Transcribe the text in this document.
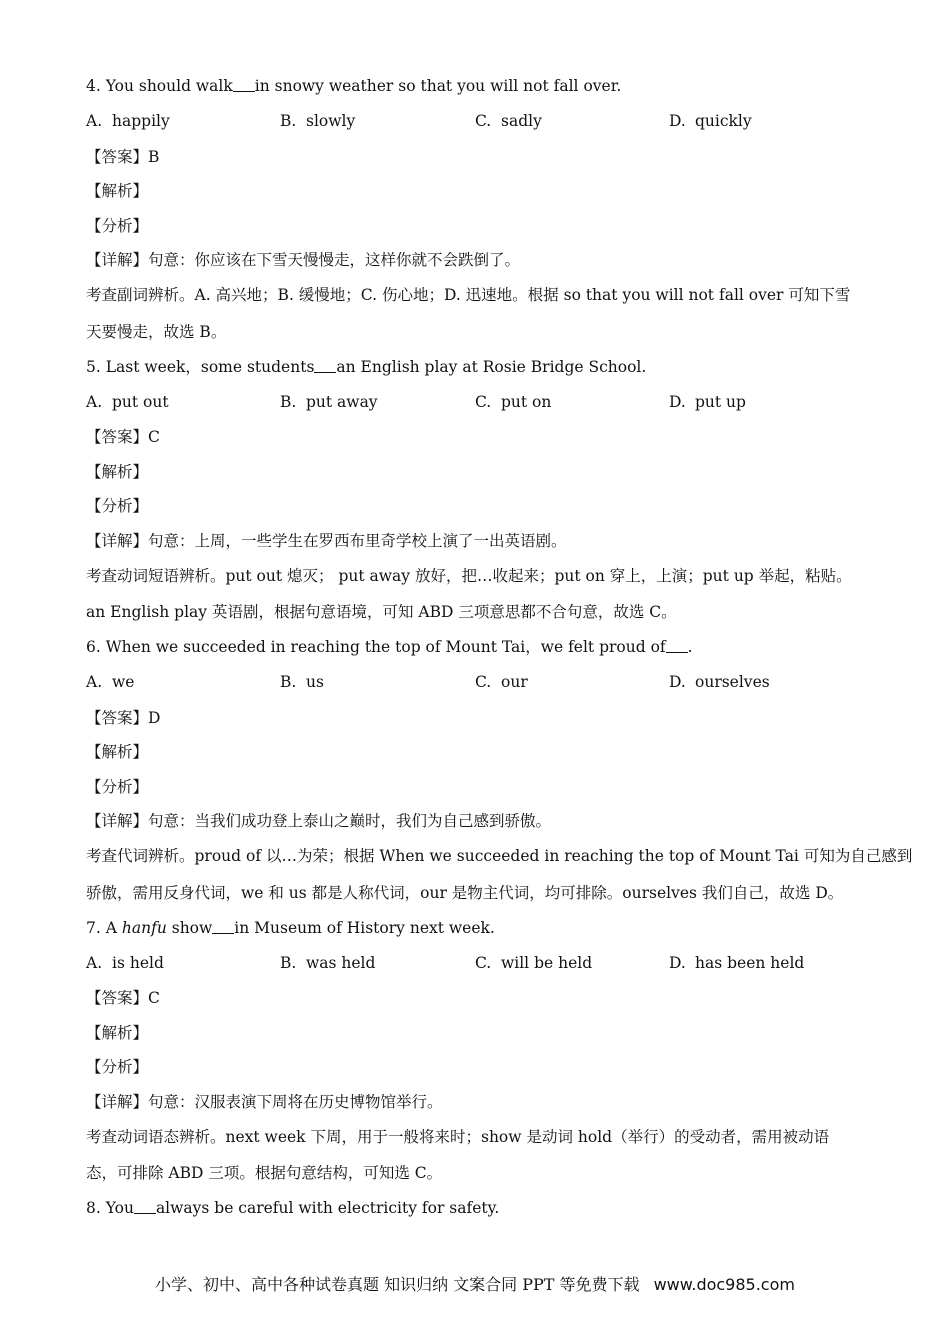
4. You should walk in snowy weather so that you will not fall over.
A. happily	B. slowly	C. sadly	D. quickly
【答案】B
【解析】
【分析】
【详解】句意：你应该在下雪天慢慢走，这样你就不会跌倒了。
考查副词辨析。A. 高兴地；B. 缓慢地；C. 伤心地；D. 迅速地。根据 so that you will not fall over 可知下雪
天要慢走，故选 B。
5. Last week，some students an English play at Rosie Bridge School.
A. put out	B. put away	C. put on	D. put up
【答案】C
【解析】
【分析】
【详解】句意：上周，一些学生在罗西布里奇学校上演了一出英语剧。
考查动词短语辨析。put out 熄灭； put away 放好，把…收起来；put on 穿上，上演；put up 举起，粘贴。
an English play 英语剧，根据句意语境，可知 ABD 三项意思都不合句意，故选 C。
6. When we succeeded in reaching the top of Mount Tai，we felt proud of .
A. we	B. us	C. our	D. ourselves
【答案】D
【解析】
【分析】
【详解】句意：当我们成功登上泰山之巅时，我们为自己感到骄傲。
考查代词辨析。proud of 以…为荣；根据 When we succeeded in reaching the top of Mount Tai 可知为自己感到
骄傲，需用反身代词，we 和 us 都是人称代词，our 是物主代词，均可排除。ourselves 我们自己，故选 D。
7. A hanfu show in Museum of History next week.
A. is held	B. was held	C. will be held	D. has been held
【答案】C
【解析】
【分析】
【详解】句意：汉服表演下周将在历史博物馆举行。
考查动词语态辨析。next week 下周，用于一般将来时；show 是动词 hold（举行）的受动者，需用被动语
态，可排除 ABD 三项。根据句意结构，可知选 C。
8. You always be careful with electricity for safety.
小学、初中、高中各种试卷真题 知识归纳 文案合同 PPT 等免费下载 www.doc985.com
